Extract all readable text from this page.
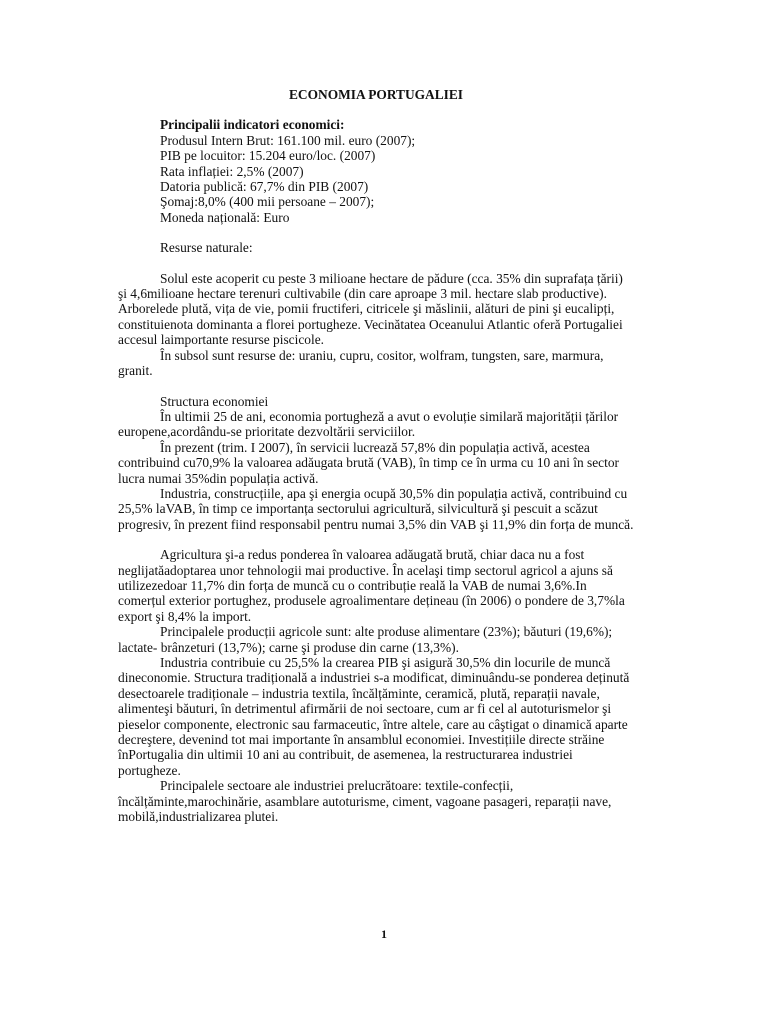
ECONOMIA PORTUGALIEI

Principalii indicatori economici:

Produsul Intern Brut: 161.100 mil. euro (2007);

PIB pe locuitor: 15.204 euro/loc. (2007)

Rata inflației: 2,5% (2007)

Datoria publică: 67,7% din PIB (2007)

Şomaj:8,0% (400 mii persoane – 2007);

Moneda națională: Euro

Resurse naturale:

Solul este acoperit cu peste 3 milioane hectare de pădure (cca. 35% din suprafața țării) şi 4,6milioane hectare terenuri cultivabile (din care aproape 3 mil. hectare slab productive). Arborelede plută, vița de vie, pomii fructiferi, citricele şi măslinii, alături de pini şi eucalipți, constituienota dominanta a florei portugheze. Vecinătatea Oceanului Atlantic oferă Portugaliei accesul laimportante resurse piscicole.

În subsol sunt resurse de: uraniu, cupru, cositor, wolfram, tungsten, sare, marmura, granit.

Structura economiei

În ultimii 25 de ani, economia portugheză a avut o evoluție similară majorității țărilor europene,acordându-se prioritate dezvoltării serviciilor.

În prezent (trim. I 2007), în servicii lucrează 57,8% din populația activă, acestea contribuind cu70,9% la valoarea adăugata brută (VAB), în timp ce în urma cu 10 ani în sector lucra numai 35%din populația activă.

Industria, construcțiile, apa şi energia ocupă 30,5% din populația activă, contribuind cu 25,5% laVAB, în timp ce importanța sectorului agricultură, silvicultură şi pescuit a scăzut progresiv, în prezent fiind responsabil pentru numai 3,5% din VAB şi 11,9% din forța de muncă.

Agricultura şi-a redus ponderea în valoarea adăugată brută, chiar daca nu a fost neglijatăadoptarea unor tehnologii mai productive. În acelaşi timp sectorul agricol a ajuns să utilizezedoar 11,7% din forța de muncă cu o contribuție reală la VAB de numai 3,6%.In comerțul exterior portughez, produsele agroalimentare dețineau (în 2006) o pondere de 3,7%la export şi 8,4% la import.

Principalele producții agricole sunt: alte produse alimentare (23%); băuturi (19,6%); lactate- brânzeturi (13,7%); carne şi produse din carne (13,3%).

Industria contribuie cu 25,5% la crearea PIB şi asigură 30,5% din locurile de muncă dineconomie. Structura tradițională a industriei s-a modificat, diminuându-se ponderea deținută desectoarele tradiționale – industria textila, încălțăminte, ceramică, plută, reparații navale, alimenteşi băuturi, în detrimentul afirmării de noi sectoare, cum ar fi cel al autoturismelor şi pieselor componente, electronic sau farmaceutic, între altele, care au câştigat o dinamică aparte decreştere, devenind tot mai importante în ansamblul economiei. Investițiile directe străine înPortugalia din ultimii 10 ani au contribuit, de asemenea, la restructurarea industriei portugheze.

Principalele sectoare ale industriei prelucrătoare: textile-confecții, încălțăminte,marochinărie, asamblare autoturisme, ciment, vagoane pasageri, reparații nave, mobilă,industrializarea plutei.

1
